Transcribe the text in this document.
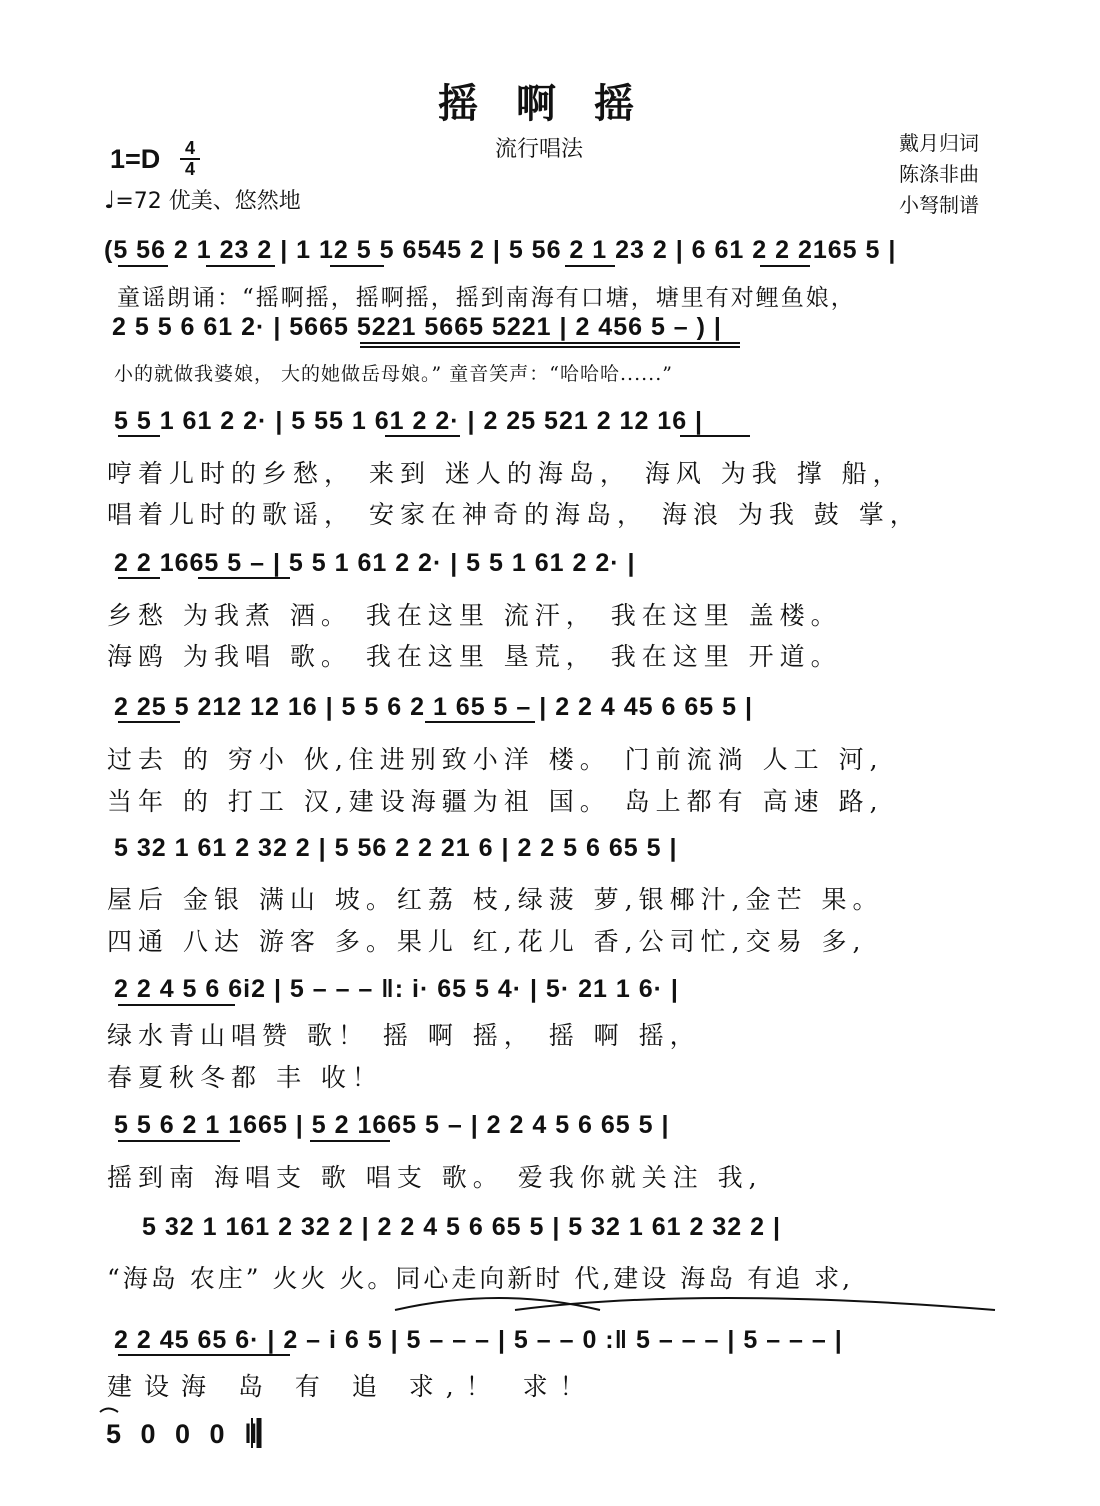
摇啊摇
流行唱法	戴月归词
陈涤非曲
小弩制谱
1=D 4
4
♩=72 优美、悠然地
(5 56 2 1 23 2 | 1 12 5 5 6545 2 | 5 56 2 1 23 2 | 6 61 2 2 2165 5 |
童谣朗诵：“摇啊摇，摇啊摇，摇到南海有口塘，塘里有对鲤鱼娘，
2 5 5 6 61 2· | 5665 5221 5665 5221 | 2 456 5 – ) |
小的就做我婆娘， 大的她做岳母娘。” 童音笑声：“哈哈哈......”
5 5 1 61 2 2· | 5 55 1 61 2 2· | 2 25 521 2 12 16 |
哼着儿时的乡愁， 来到 迷人的海岛， 海风 为我 撑 船，
唱着儿时的歌谣， 安家在神奇的海岛， 海浪 为我 鼓 掌，
2 2 1665 5 – | 5 5 1 61 2 2· | 5 5 1 61 2 2· |
乡愁 为我煮 酒。 我在这里 流汗， 我在这里 盖楼。
海鸥 为我唱 歌。 我在这里 垦荒， 我在这里 开道。
2 25 5 212 12 16 | 5 5 6 2 1 65 5 – | 2 2 4 45 6 65 5 |
过去 的 穷小 伙,住进别致小洋 楼。 门前流淌 人工 河,
当年 的 打工 汉,建设海疆为祖 国。 岛上都有 高速 路,
5 32 1 61 2 32 2 | 5 56 2 2 21 6 | 2 2 5 6 65 5 |
屋后 金银 满山 坡。红荔 枝,绿菠 萝,银椰汁,金芒 果。
四通 八达 游客 多。果儿 红,花儿 香,公司忙,交易 多,
2 2 4 5 6 6i2 | 5 – – – ‖: i· 65 5 4· | 5· 21 1 6· |
绿水青山唱赞 歌！ 摇 啊 摇， 摇 啊 摇，
春夏秋冬都 丰 收！
5 5 6 2 1 1665 | 5 2 1665 5 – | 2 2 4 5 6 65 5 |
摇到南 海唱支 歌 唱支 歌。 爱我你就关注 我,
5 32 1 161 2 32 2 | 2 2 4 5 6 65 5 | 5 32 1 61 2 32 2 |
“海岛 农庄” 火火 火。同心走向新时 代,建设 海岛 有追 求,
2 2 45 65 6· | 2 – i 6 5 | 5 – – – | 5 – – 0 :‖ 5 – – – | 5 – – – |
建设海 岛 有 追 求,！ 求！
5 0 0 0 ‖
